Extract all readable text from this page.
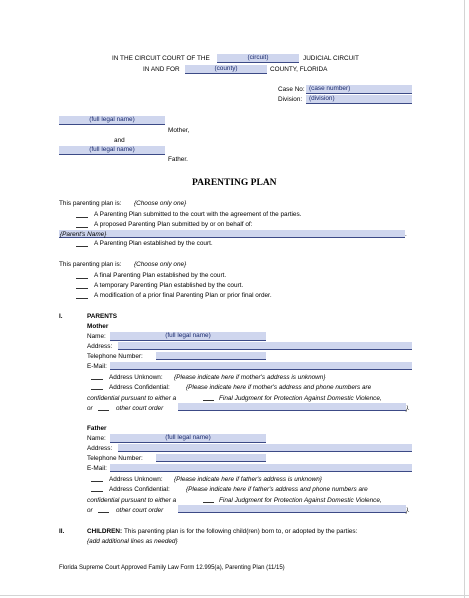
IN THE CIRCUIT COURT OF THE	(circuit)	JUDICIAL CIRCUIT
IN AND FOR	(county)	COUNTY, FLORIDA
Case No: (case number)
Division:	(division)
(full legal name)
Mother,
and
(full legal name)
Father.
PARENTING PLAN
This parenting plan is: {Choose only one}
A Parenting Plan submitted to the court with the agreement of the parties.
A proposed Parenting Plan submitted by or on behalf of:
{Parent's Name}	.
A Parenting Plan established by the court.
This parenting plan is: {Choose only one}
A final Parenting Plan established by the court.
A temporary Parenting Plan established by the court.
A modification of a prior final Parenting Plan or prior final order.
I.	PARENTS
Mother
Name:	(full legal name)
Address:
Telephone Number:
E-Mail:
Address Unknown: {Please indicate here if mother's address is unknown}
Address Confidential:	{Please indicate here if mother's address and phone numbers are
confidential pursuant to either a	Final Judgment for Protection Against Domestic Violence,
or	other court order	}.
Father
Name:	(full legal name)
Address:
Telephone Number:
E-Mail:
Address Unknown: {Please indicate here if father's address is unknown}
Address Confidential:	{Please indicate here if father's address and phone numbers are
confidential pursuant to either a	Final Judgment for Protection Against Domestic Violence,
or	other court order	}.
II.	CHILDREN: This parenting plan is for the following child(ren) born to, or adopted by the parties:
{add additional lines as needed}
Florida Supreme Court Approved Family Law Form 12.995(a), Parenting Plan (11/15)
